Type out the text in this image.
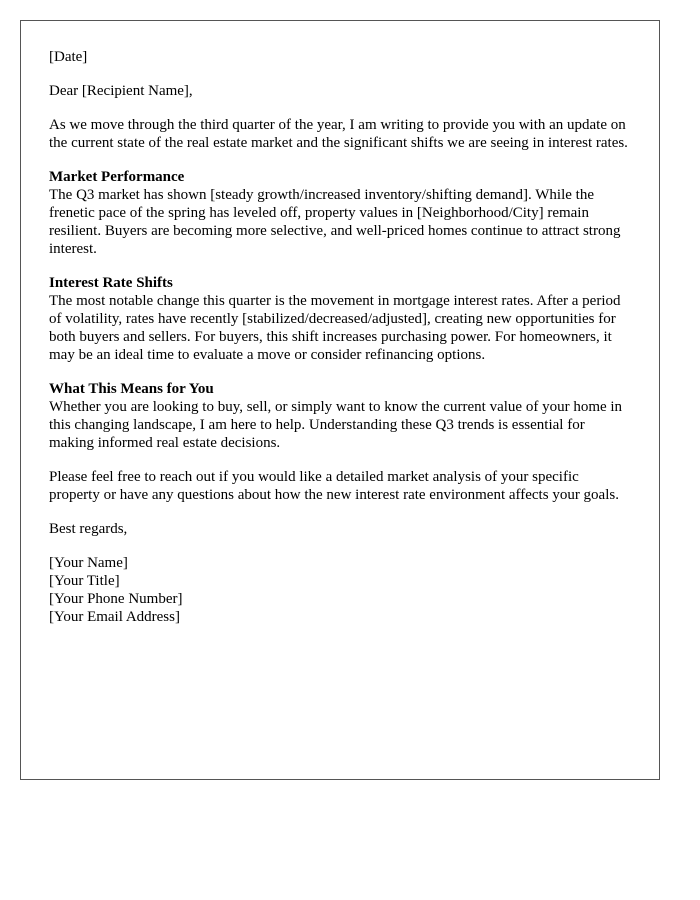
[Date]

Dear [Recipient Name],

As we move through the third quarter of the year, I am writing to provide you with an update on the current state of the real estate market and the significant shifts we are seeing in interest rates.

Market Performance
The Q3 market has shown [steady growth/increased inventory/shifting demand]. While the frenetic pace of the spring has leveled off, property values in [Neighborhood/City] remain resilient. Buyers are becoming more selective, and well-priced homes continue to attract strong interest.

Interest Rate Shifts
The most notable change this quarter is the movement in mortgage interest rates. After a period of volatility, rates have recently [stabilized/decreased/adjusted], creating new opportunities for both buyers and sellers. For buyers, this shift increases purchasing power. For homeowners, it may be an ideal time to evaluate a move or consider refinancing options.

What This Means for You
Whether you are looking to buy, sell, or simply want to know the current value of your home in this changing landscape, I am here to help. Understanding these Q3 trends is essential for making informed real estate decisions.

Please feel free to reach out if you would like a detailed market analysis of your specific property or have any questions about how the new interest rate environment affects your goals.

Best regards,

[Your Name]
[Your Title]
[Your Phone Number]
[Your Email Address]
